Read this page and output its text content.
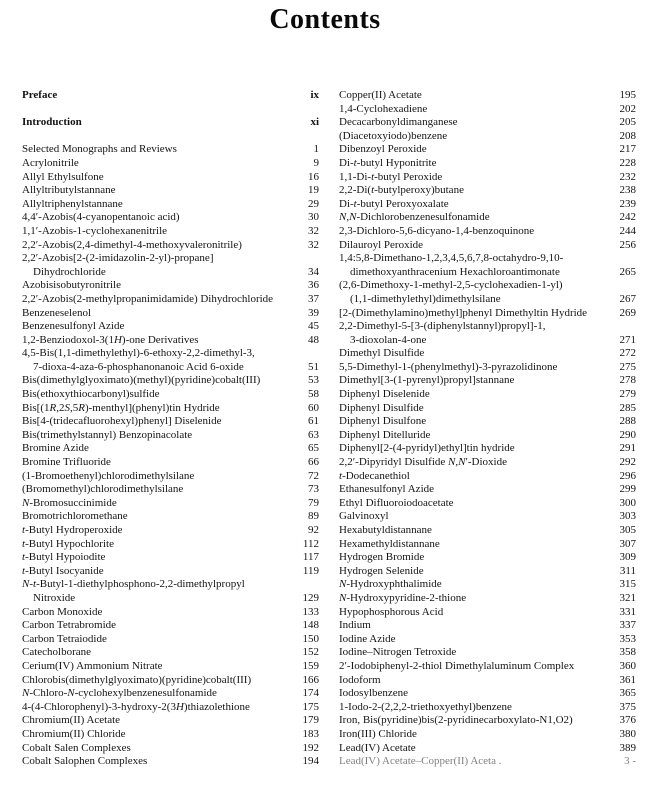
Contents
Preface	ix
Introduction	xi
Selected Monographs and Reviews	1
Acrylonitrile	9
Allyl Ethylsulfone	16
Allyltributylstannane	19
Allyltriphenylstannane	29
4,4′-Azobis(4-cyanopentanoic acid)	30
1,1′-Azobis-1-cyclohexanenitrile	32
2,2′-Azobis(2,4-dimethyl-4-methoxyvaleronitrile)	32
2,2′-Azobis[2-(2-imidazolin-2-yl)-propane]
Dihydrochloride	34
Azobisisobutyronitrile	36
2,2′-Azobis(2-methylpropanimidamide) Dihydrochloride	37
Benzeneselenol	39
Benzenesulfonyl Azide	45
1,2-Benziodoxol-3(1H)-one Derivatives	48
4,5-Bis(1,1-dimethylethyl)-6-ethoxy-2,2-dimethyl-3,
7-dioxa-4-aza-6-phosphanonanoic Acid 6-oxide	51
Bis(dimethylglyoximato)(methyl)(pyridine)cobalt(III)	53
Bis(ethoxythiocarbonyl)sulfide	58
Bis[(1R,2S,5R)-menthyl](phenyl)tin Hydride	60
Bis[4-(tridecafluorohexyl)phenyl] Diselenide	61
Bis(trimethylstannyl) Benzopinacolate	63
Bromine Azide	65
Bromine Trifluoride	66
(1-Bromoethenyl)chlorodimethylsilane	72
(Bromomethyl)chlorodimethylsilane	73
N-Bromosuccinimide	79
Bromotrichloromethane	89
t-Butyl Hydroperoxide	92
t-Butyl Hypochlorite	112
t-Butyl Hypoiodite	117
t-Butyl Isocyanide	119
N-t-Butyl-1-diethylphosphono-2,2-dimethylpropyl
Nitroxide	129
Carbon Monoxide	133
Carbon Tetrabromide	148
Carbon Tetraiodide	150
Catecholborane	152
Cerium(IV) Ammonium Nitrate	159
Chlorobis(dimethylglyoximato)(pyridine)cobalt(III)	166
N-Chloro-N-cyclohexylbenzenesulfonamide	174
4-(4-Chlorophenyl)-3-hydroxy-2(3H)thiazolethione	175
Chromium(II) Acetate	179
Chromium(II) Chloride	183
Cobalt Salen Complexes	192
Cobalt Salophen Complexes	194
Copper(II) Acetate	195
1,4-Cyclohexadiene	202
Decacarbonyldimanganese	205
(Diacetoxyiodo)benzene	208
Dibenzoyl Peroxide	217
Di-t-butyl Hyponitrite	228
1,1-Di-t-butyl Peroxide	232
2,2-Di(t-butylperoxy)butane	238
Di-t-butyl Peroxyoxalate	239
N,N-Dichlorobenzenesulfonamide	242
2,3-Dichloro-5,6-dicyano-1,4-benzoquinone	244
Dilauroyl Peroxide	256
1,4:5,8-Dimethano-1,2,3,4,5,6,7,8-octahydro-9,10-
dimethoxyanthracenium Hexachloroantimonate	265
(2,6-Dimethoxy-1-methyl-2,5-cyclohexadien-1-yl)
(1,1-dimethylethyl)dimethylsilane	267
[2-(Dimethylamino)methyl]phenyl Dimethyltin Hydride	269
2,2-Dimethyl-5-[3-(diphenylstannyl)propyl]-1,
3-dioxolan-4-one	271
Dimethyl Disulfide	272
5,5-Dimethyl-1-(phenylmethyl)-3-pyrazolidinone	275
Dimethyl[3-(1-pyrenyl)propyl]stannane	278
Diphenyl Diselenide	279
Diphenyl Disulfide	285
Diphenyl Disulfone	288
Diphenyl Ditelluride	290
Diphenyl[2-(4-pyridyl)ethyl]tin hydride	291
2,2′-Dipyridyl Disulfide N,N′-Dioxide	292
t-Dodecanethiol	296
Ethanesulfonyl Azide	299
Ethyl Difluoroiodoacetate	300
Galvinoxyl	303
Hexabutyldistannane	305
Hexamethyldistannane	307
Hydrogen Bromide	309
Hydrogen Selenide	311
N-Hydroxyphthalimide	315
N-Hydroxypyridine-2-thione	321
Hypophosphorous Acid	331
Indium	337
Iodine Azide	353
Iodine–Nitrogen Tetroxide	358
2′-Iodobiphenyl-2-thiol Dimethylaluminum Complex	360
Iodoform	361
Iodosylbenzene	365
1-Iodo-2-(2,2,2-triethoxyethyl)benzene	375
Iron, Bis(pyridine)bis(2-pyridinecarboxylato-N1,O2)	376
Iron(III) Chloride	380
Lead(IV) Acetate	389
Lead(IV) Acetate–Copper(II) Aceta .	3 -
